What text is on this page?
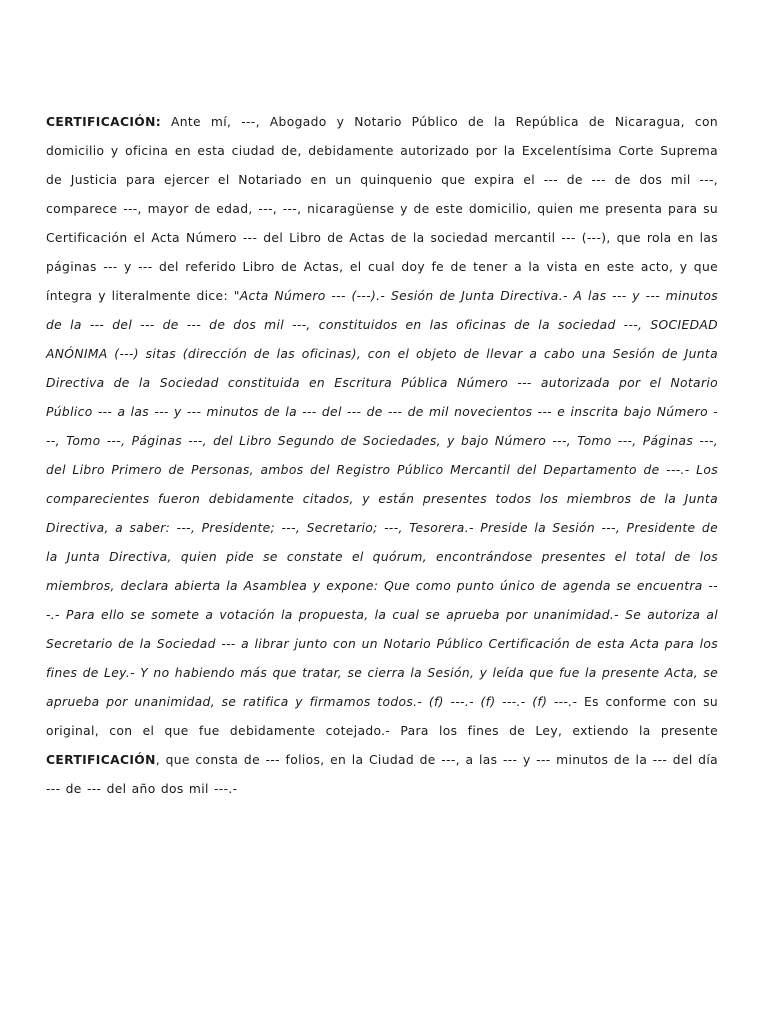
CERTIFICACIÓN: Ante mí, ---, Abogado y Notario Público de la República de Nicaragua, con domicilio y oficina en esta ciudad de, debidamente autorizado por la Excelentísima Corte Suprema de Justicia para ejercer el Notariado en un quinquenio que expira el --- de --- de dos mil ---, comparece ---, mayor de edad, ---, ---, nicaragüense y de este domicilio, quien me presenta para su Certificación el Acta Número --- del Libro de Actas de la sociedad mercantil --- (---), que rola en las páginas --- y --- del referido Libro de Actas, el cual doy fe de tener a la vista en este acto, y que íntegra y literalmente dice: "Acta Número --- (---).- Sesión de Junta Directiva.- A las --- y --- minutos de la --- del --- de --- de dos mil ---, constituidos en las oficinas de la sociedad ---, SOCIEDAD ANÓNIMA (---) sitas (dirección de las oficinas), con el objeto de llevar a cabo una Sesión de Junta Directiva de la Sociedad constituida en Escritura Pública Número --- autorizada por el Notario Público --- a las --- y --- minutos de la --- del --- de --- de mil novecientos --- e inscrita bajo Número ---, Tomo ---, Páginas ---, del Libro Segundo de Sociedades, y bajo Número ---, Tomo ---, Páginas ---, del Libro Primero de Personas, ambos del Registro Público Mercantil del Departamento de ---.- Los comparecientes fueron debidamente citados, y están presentes todos los miembros de la Junta Directiva, a saber: ---, Presidente; ---, Secretario; ---, Tesorera.- Preside la Sesión ---, Presidente de la Junta Directiva, quien pide se constate el quórum, encontrándose presentes el total de los miembros, declara abierta la Asamblea y expone: Que como punto único de agenda se encuentra ---.- Para ello se somete a votación la propuesta, la cual se aprueba por unanimidad.- Se autoriza al Secretario de la Sociedad --- a librar junto con un Notario Público Certificación de esta Acta para los fines de Ley.- Y no habiendo más que tratar, se cierra la Sesión, y leída que fue la presente Acta, se aprueba por unanimidad, se ratifica y firmamos todos.- (f) ---.- (f) ---.- (f) ---.- Es conforme con su original, con el que fue debidamente cotejado.- Para los fines de Ley, extiendo la presente CERTIFICACIÓN, que consta de --- folios, en la Ciudad de ---, a las --- y --- minutos de la --- del día --- de --- del año dos mil ---.-
